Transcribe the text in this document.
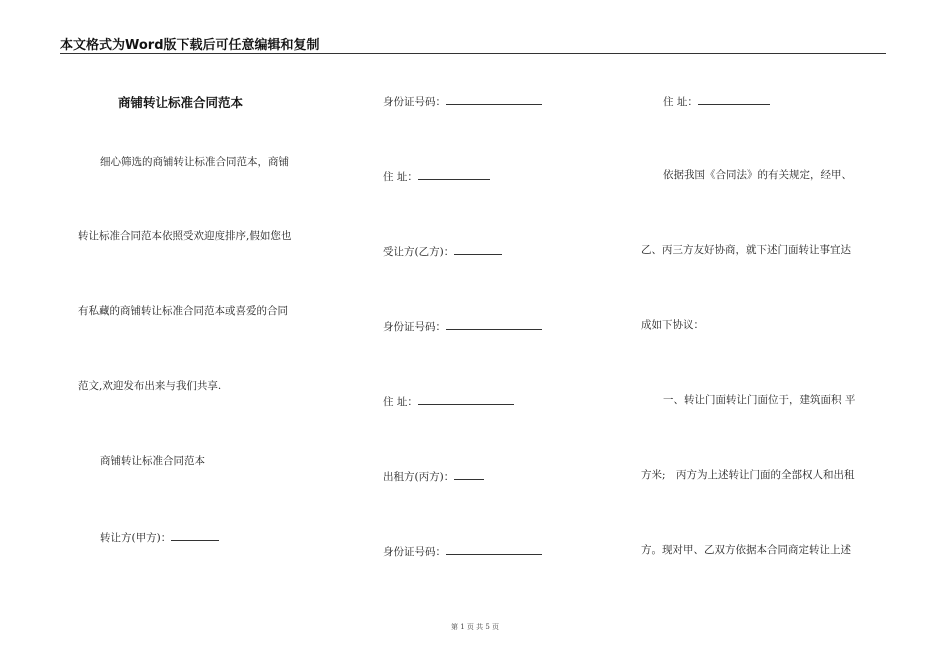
本文格式为Word版下载后可任意编辑和复制
商铺转让标准合同范本
细心筛选的商铺转让标准合同范本，商铺
转让标准合同范本依照受欢迎度排序,假如您也
有私藏的商铺转让标准合同范本或喜爱的合同
范文,欢迎发布出来与我们共享.
商铺转让标准合同范本
转让方(甲方)：
身份证号码：
住 址：
受让方(乙方)：
身份证号码：
住 址：
出租方(丙方)：
身份证号码：
住 址：
依据我国《合同法》的有关规定，经甲、
乙、丙三方友好协商，就下述门面转让事宜达
成如下协议：
一、转让门面转让门面位于，建筑面积 平
方米;　丙方为上述转让门面的全部权人和出租
方。现对甲、乙双方依据本合同商定转让上述
第 1 页 共 5 页
